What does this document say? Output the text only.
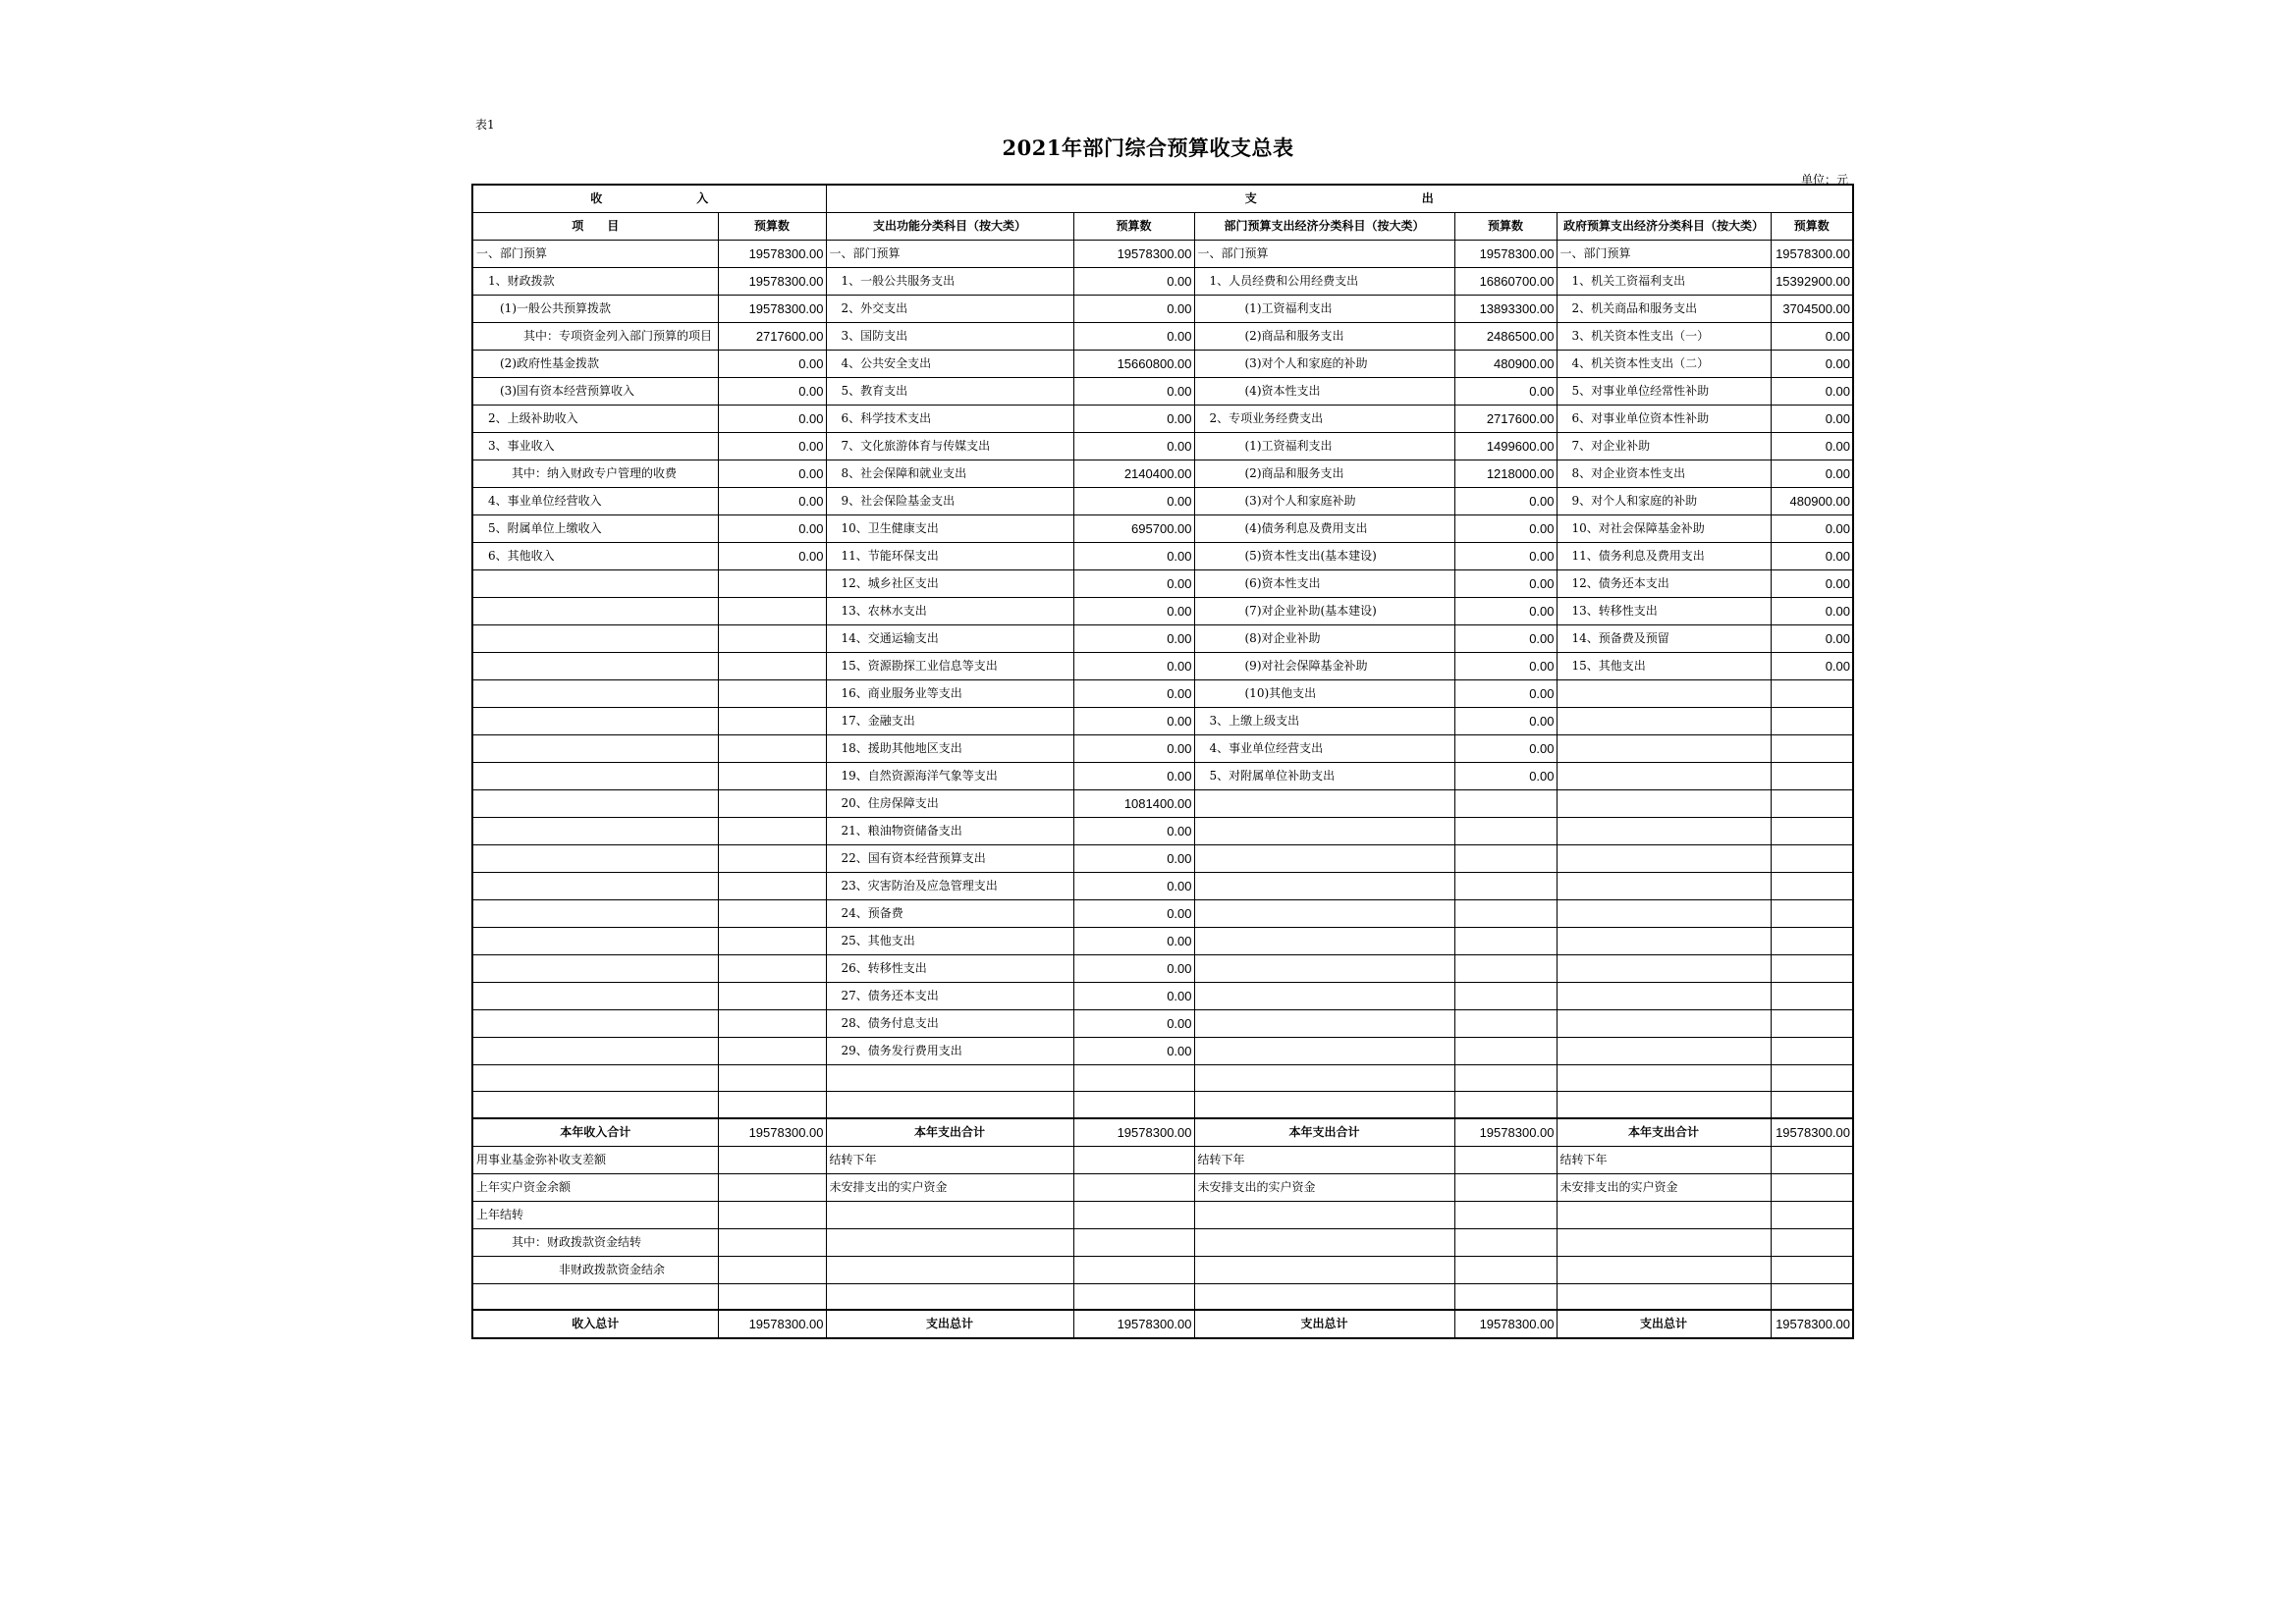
表1
2021年部门综合预算收支总表
单位：元
收　　　　　　　　入		支　　　　　　　　　　　　　　出					
项　　目	预算数	支出功能分类科目（按大类）	预算数	部门预算支出经济分类科目（按大类）	预算数	政府预算支出经济分类科目（按大类）	预算数
一、部门预算	19578300.00	一、部门预算	19578300.00	一、部门预算	19578300.00	一、部门预算	19578300.00
　1、财政拨款	19578300.00	　1、一般公共服务支出	0.00	　1、人员经费和公用经费支出	16860700.00	　1、机关工资福利支出	15392900.00
　　(1)一般公共预算拨款	19578300.00	　2、外交支出	0.00	　　　　(1)工资福利支出	13893300.00	　2、机关商品和服务支出	3704500.00
　　　　其中：专项资金列入部门预算的项目	2717600.00	　3、国防支出	0.00	　　　　(2)商品和服务支出	2486500.00	　3、机关资本性支出（一）	0.00
　　(2)政府性基金拨款	0.00	　4、公共安全支出	15660800.00	　　　　(3)对个人和家庭的补助	480900.00	　4、机关资本性支出（二）	0.00
　　(3)国有资本经营预算收入	0.00	　5、教育支出	0.00	　　　　(4)资本性支出	0.00	　5、对事业单位经常性补助	0.00
　2、上级补助收入	0.00	　6、科学技术支出	0.00	　2、专项业务经费支出	2717600.00	　6、对事业单位资本性补助	0.00
　3、事业收入	0.00	　7、文化旅游体育与传媒支出	0.00	　　　　(1)工资福利支出	1499600.00	　7、对企业补助	0.00
　　　其中：纳入财政专户管理的收费	0.00	　8、社会保障和就业支出	2140400.00	　　　　(2)商品和服务支出	1218000.00	　8、对企业资本性支出	0.00
　4、事业单位经营收入	0.00	　9、社会保险基金支出	0.00	　　　　(3)对个人和家庭补助	0.00	　9、对个人和家庭的补助	480900.00
　5、附属单位上缴收入	0.00	　10、卫生健康支出	695700.00	　　　　(4)债务利息及费用支出	0.00	　10、对社会保障基金补助	0.00
　6、其他收入	0.00	　11、节能环保支出	0.00	　　　　(5)资本性支出(基本建设)	0.00	　11、债务利息及费用支出	0.00
		　12、城乡社区支出	0.00	　　　　(6)资本性支出	0.00	　12、债务还本支出	0.00
		　13、农林水支出	0.00	　　　　(7)对企业补助(基本建设)	0.00	　13、转移性支出	0.00
		　14、交通运输支出	0.00	　　　　(8)对企业补助	0.00	　14、预备费及预留	0.00
		　15、资源勘探工业信息等支出	0.00	　　　　(9)对社会保障基金补助	0.00	　15、其他支出	0.00
		　16、商业服务业等支出	0.00	　　　　(10)其他支出	0.00		
		　17、金融支出	0.00	　3、上缴上级支出	0.00		
		　18、援助其他地区支出	0.00	　4、事业单位经营支出	0.00		
		　19、自然资源海洋气象等支出	0.00	　5、对附属单位补助支出	0.00		
		　20、住房保障支出	1081400.00				
		　21、粮油物资储备支出	0.00				
		　22、国有资本经营预算支出	0.00				
		　23、灾害防治及应急管理支出	0.00				
		　24、预备费	0.00				
		　25、其他支出	0.00				
		　26、转移性支出	0.00				
		　27、债务还本支出	0.00				
		　28、债务付息支出	0.00				
		　29、债务发行费用支出	0.00				

本年收入合计	19578300.00	本年支出合计	19578300.00	本年支出合计	19578300.00	本年支出合计	19578300.00
用事业基金弥补收支差额		结转下年		结转下年		结转下年	
上年实户资金余额		未安排支出的实户资金		未安排支出的实户资金		未安排支出的实户资金	
上年结转							
　　　其中：财政拨款资金结转							
　　　　　　　非财政拨款资金结余							

收入总计	19578300.00	支出总计	19578300.00	支出总计	19578300.00	支出总计	19578300.00
